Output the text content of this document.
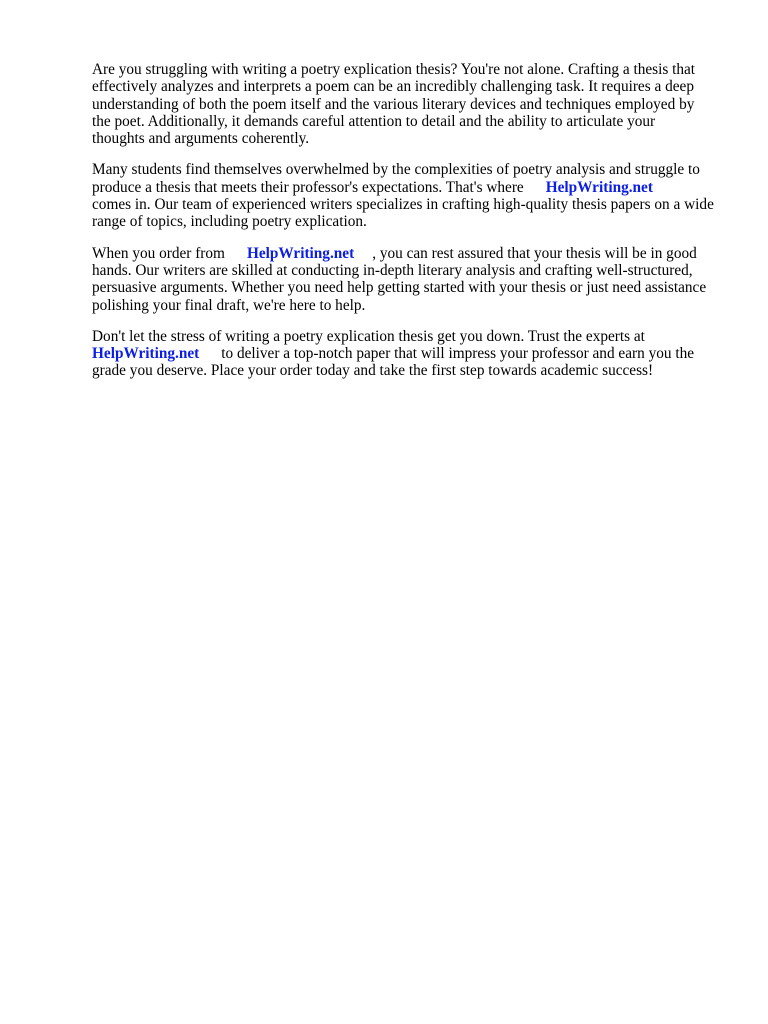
Are you struggling with writing a poetry explication thesis? You're not alone. Crafting a thesis that
effectively analyzes and interprets a poem can be an incredibly challenging task. It requires a deep
understanding of both the poem itself and the various literary devices and techniques employed by
the poet. Additionally, it demands careful attention to detail and the ability to articulate your
thoughts and arguments coherently.

Many students find themselves overwhelmed by the complexities of poetry analysis and struggle to
produce a thesis that meets their professor's expectations. That's where HelpWriting.net
comes in. Our team of experienced writers specializes in crafting high-quality thesis papers on a wide
range of topics, including poetry explication.

When you order from HelpWriting.net , you can rest assured that your thesis will be in good
hands. Our writers are skilled at conducting in-depth literary analysis and crafting well-structured,
persuasive arguments. Whether you need help getting started with your thesis or just need assistance
polishing your final draft, we're here to help.

Don't let the stress of writing a poetry explication thesis get you down. Trust the experts at
HelpWriting.net to deliver a top-notch paper that will impress your professor and earn you the
grade you deserve. Place your order today and take the first step towards academic success!
